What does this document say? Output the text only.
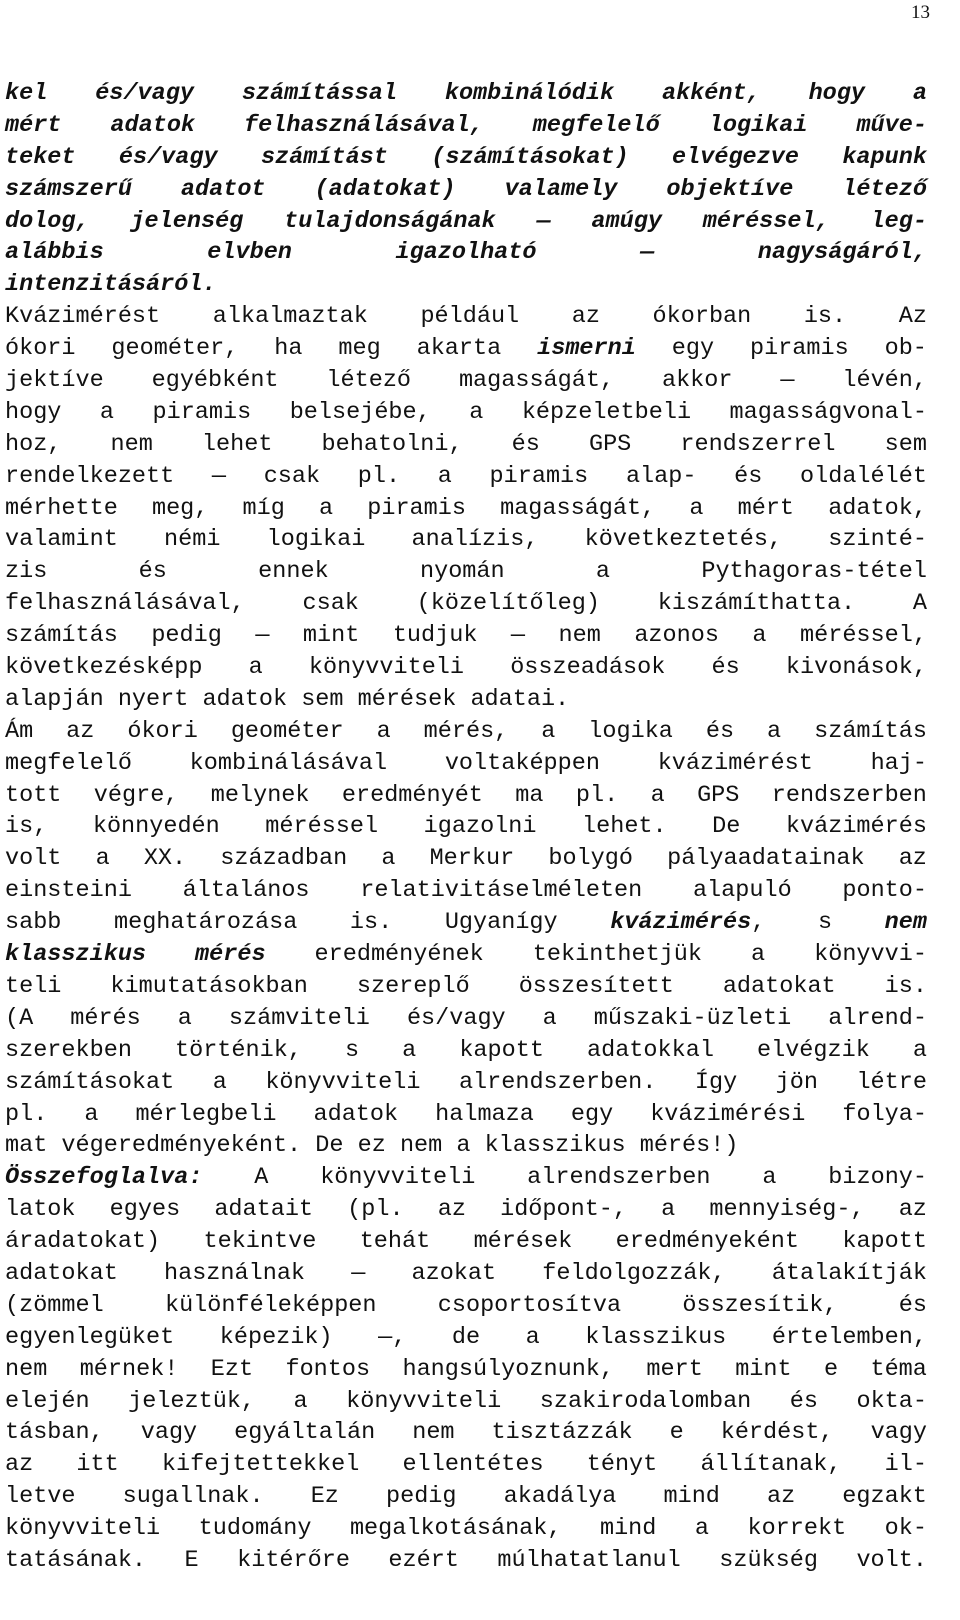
13
kel és/vagy számítással kombinálódik akként, hogy a
mért adatok felhasználásával, megfelelő logikai műve-
teket és/vagy számítást (számításokat) elvégezve kapunk
számszerű adatot (adatokat) valamely objektíve létező
dolog, jelenség tulajdonságának — amúgy méréssel, leg-
alábbis	elvben	igazolható	—	nagyságáról,
intenzitásáról.
Kvázimérést alkalmaztak például az ókorban is. Az
ókori geométer, ha meg akarta ismerni egy piramis ob-
jektíve egyébként létező magasságát, akkor — lévén,
hogy a piramis belsejébe, a képzeletbeli magasságvonal-
hoz, nem lehet behatolni, és GPS rendszerrel sem
rendelkezett — csak pl. a piramis alap- és oldalélét
mérhette meg, míg a piramis magasságát, a mért adatok,
valamint némi logikai analízis, következtetés, szinté-
zis	és	ennek	nyomán	a	Pythagoras-tétel
felhasználásával, csak (közelítőleg) kiszámíthatta. A
számítás pedig — mint tudjuk — nem azonos a méréssel,
következésképp a könyvviteli összeadások és kivonások,
alapján
nyert
adatok
sem
mérések
adatai.
Ám az ókori geométer a mérés, a logika és a számítás
megfelelő kombinálásával voltaképpen kvázimérést haj-
tott végre, melynek eredményét ma pl. a GPS rendszerben
is, könnyedén méréssel igazolni lehet. De kvázimérés
volt a XX. században a Merkur bolygó pályaadatainak az
einsteini általános relativitáselméleten alapuló ponto-
sabb meghatározása is. Ugyanígy kvázimérés, s nem
klasszikus mérés eredményének tekinthetjük a könyvvi-
teli kimutatásokban szereplő összesített adatokat is.
(A mérés a számviteli és/vagy a műszaki-üzleti alrend-
szerekben történik, s a kapott adatokkal elvégzik a
számításokat a könyvviteli alrendszerben. Így jön létre
pl. a mérlegbeli adatok halmaza egy kvázimérési folya-
mat
végeredményeként.
De
ez
nem
a
klasszikus
mérés!)
Összefoglalva: A könyvviteli alrendszerben a bizony-
latok egyes adatait (pl. az időpont-, a mennyiség-, az
áradatokat) tekintve tehát mérések eredményeként kapott
adatokat használnak — azokat feldolgozzák, átalakítják
(zömmel	különféleképpen	csoportosítva	összesítik,	és
egyenlegüket képezik) —, de a klasszikus értelemben,
nem mérnek! Ezt fontos hangsúlyoznunk, mert mint e téma
elején jeleztük, a könyvviteli szakirodalomban és okta-
tásban, vagy egyáltalán nem tisztázzák e kérdést, vagy
az itt kifejtettekkel ellentétes tényt állítanak, il-
letve sugallnak. Ez pedig akadálya mind az egzakt
könyvviteli tudomány megalkotásának, mind a korrekt ok-
tatásának. E kitérőre ezért múlhatatlanul szükség volt.
